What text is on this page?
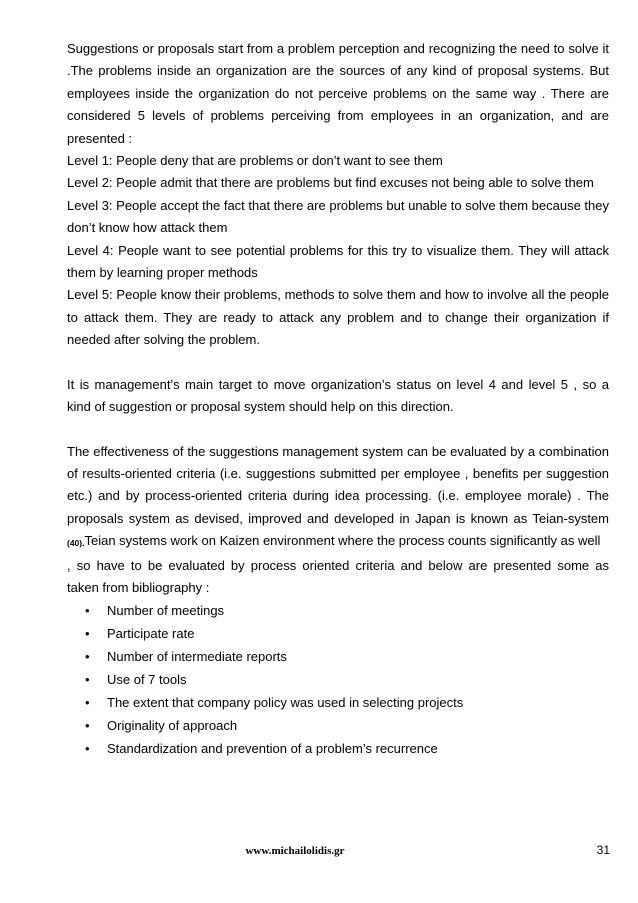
Suggestions or proposals start from a problem perception and recognizing the need to solve it
.The problems inside an organization are the sources of any kind of proposal systems. But
employees inside the organization do not perceive problems on the same way . There are
considered 5 levels of problems perceiving from employees in an organization, and are
presented :
Level 1: People deny that are problems or don’t want to see them
Level 2: People admit that there are problems but find excuses not being able to solve them
Level 3: People accept the fact that there are problems but unable to solve them because they
don’t know how attack them
Level 4: People want to see potential problems for this try to visualize them. They will attack
them by learning proper methods
Level 5: People know their problems, methods to solve them and how to involve all the people
to attack them. They are ready to attack any problem and to change their organization if
needed after solving the problem.

It is management’s main target to move organization’s status on level 4 and level 5 , so a
kind of suggestion or proposal system should help on this direction.

The effectiveness of the suggestions management system can be evaluated by a combination
of results-oriented criteria (i.e. suggestions submitted per employee , benefits per suggestion
etc.) and by process-oriented criteria during idea processing. (i.e. employee morale) . The
proposals system as devised, improved and developed in Japan is known as Teian-system
(40).Teian systems work on Kaizen environment where the process counts significantly as well
, so have to be evaluated by process oriented criteria and below are presented some as
taken from bibliography :

• Number of meetings
• Participate rate
• Number of intermediate reports
• Use of 7 tools
• The extent that company policy was used in selecting projects
• Originality of approach
• Standardization and prevention of a problem’s recurrence
www.michailolidis.gr	31
